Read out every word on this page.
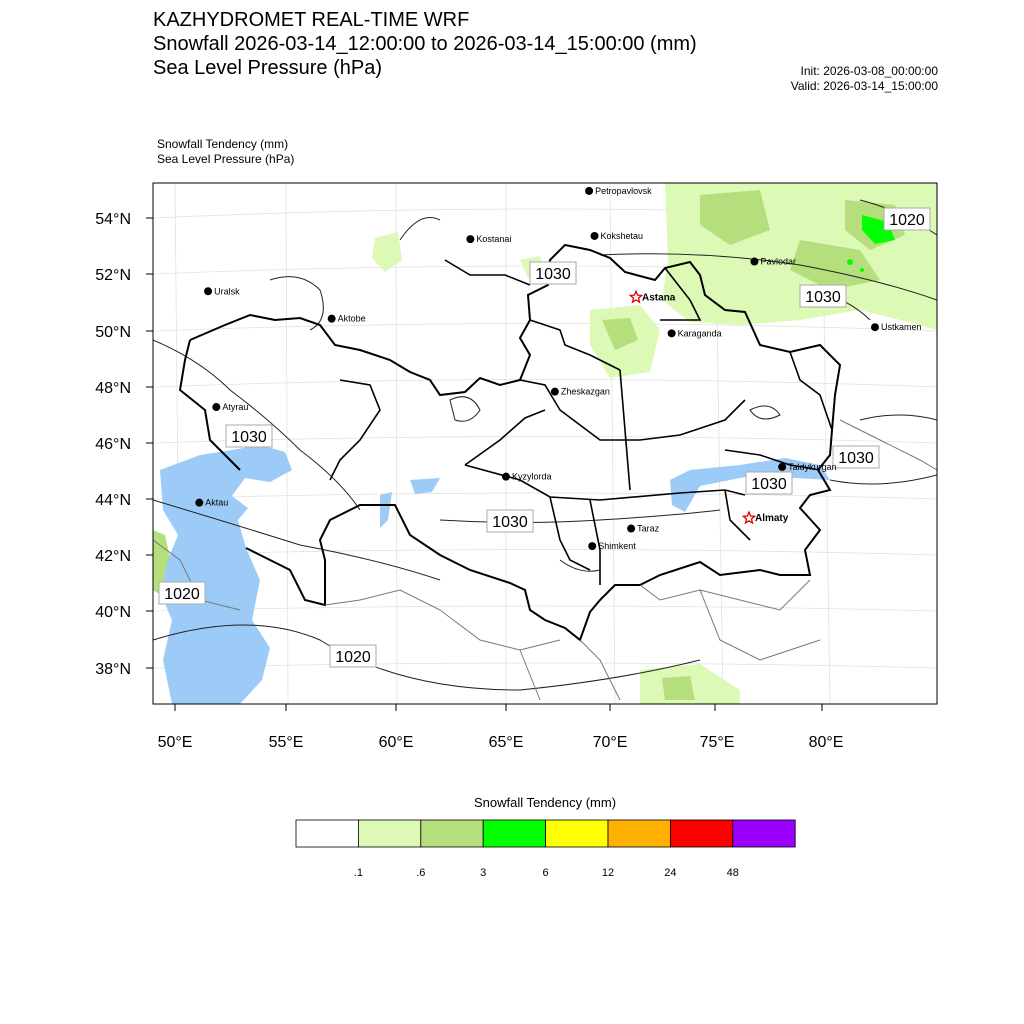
KAZHYDROMET REAL-TIME WRF
Snowfall 2026-03-14_12:00:00 to 2026-03-14_15:00:00 (mm)
Sea Level Pressure (hPa)	Init: 2026-03-08_00:00:00
Valid: 2026-03-14_15:00:00
Snowfall Tendency (mm)
Sea Level Pressure (hPa)
54°N
52°N
50°N
48°N
46°N
44°N
42°N
40°N
38°N
50°E	55°E	60°E	65°E	70°E	75°E	80°E
1020
1030
1030
1030
1030
1030
1030
1020
1020
Petropavlovsk
Kostanai	Kokshetau
Pavlodar
Uralsk
Astana
Ustkamen
Aktobe
Karaganda
Atyrau
Zheskazgan
Taldykurgan
Aktau
Kyzylorda
Almaty
Taraz
Shimkent
Snowfall Tendency (mm)
.1	.6	3	6	12	24	48
